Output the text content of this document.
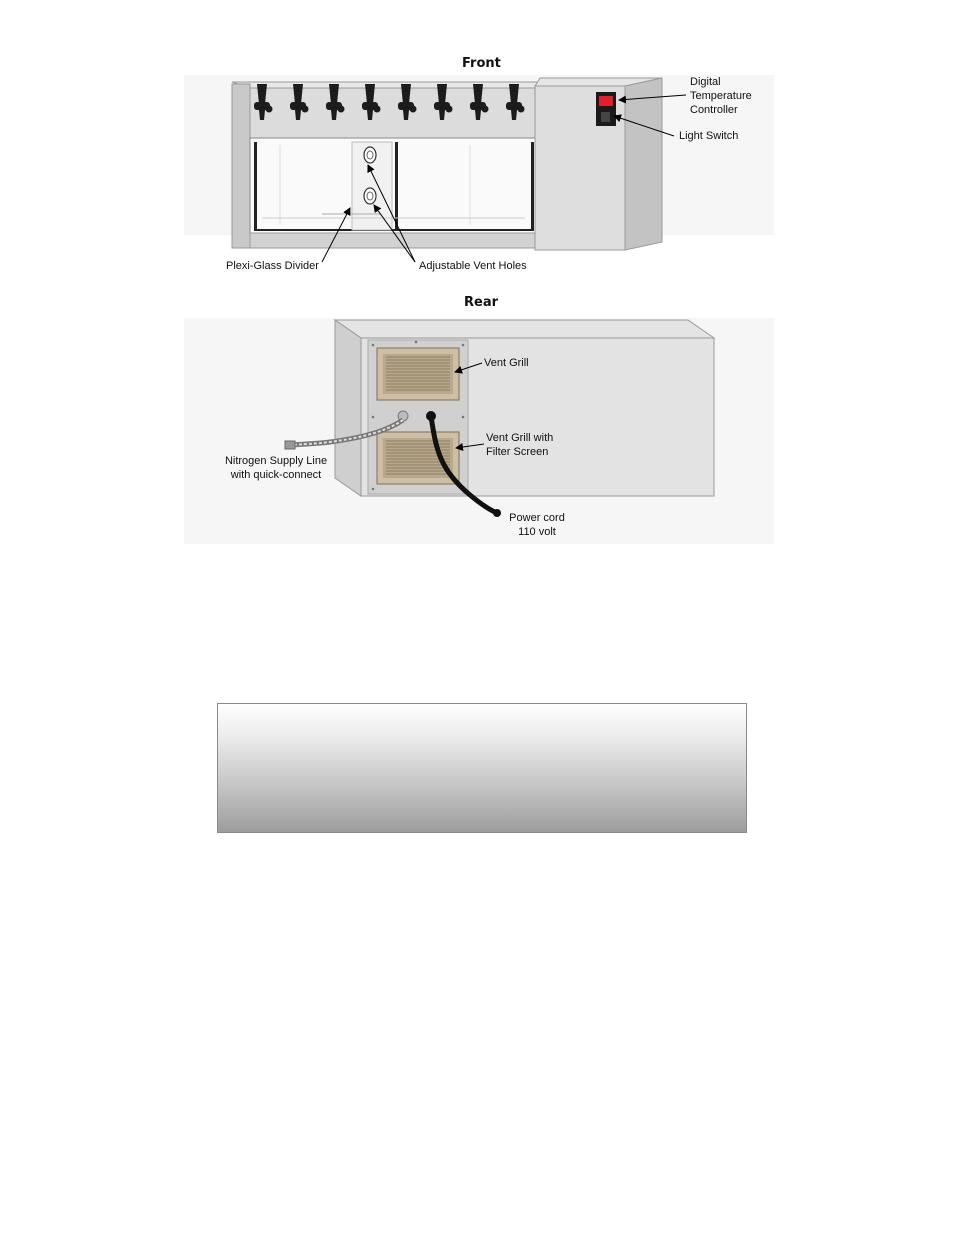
Front
Digital
Temperature
Controller
Light Switch
Plexi-Glass Divider	Adjustable Vent Holes
Rear
Vent Grill
Vent Grill with
Filter Screen
Nitrogen Supply Line
with quick-connect
Power cord
110 volt
